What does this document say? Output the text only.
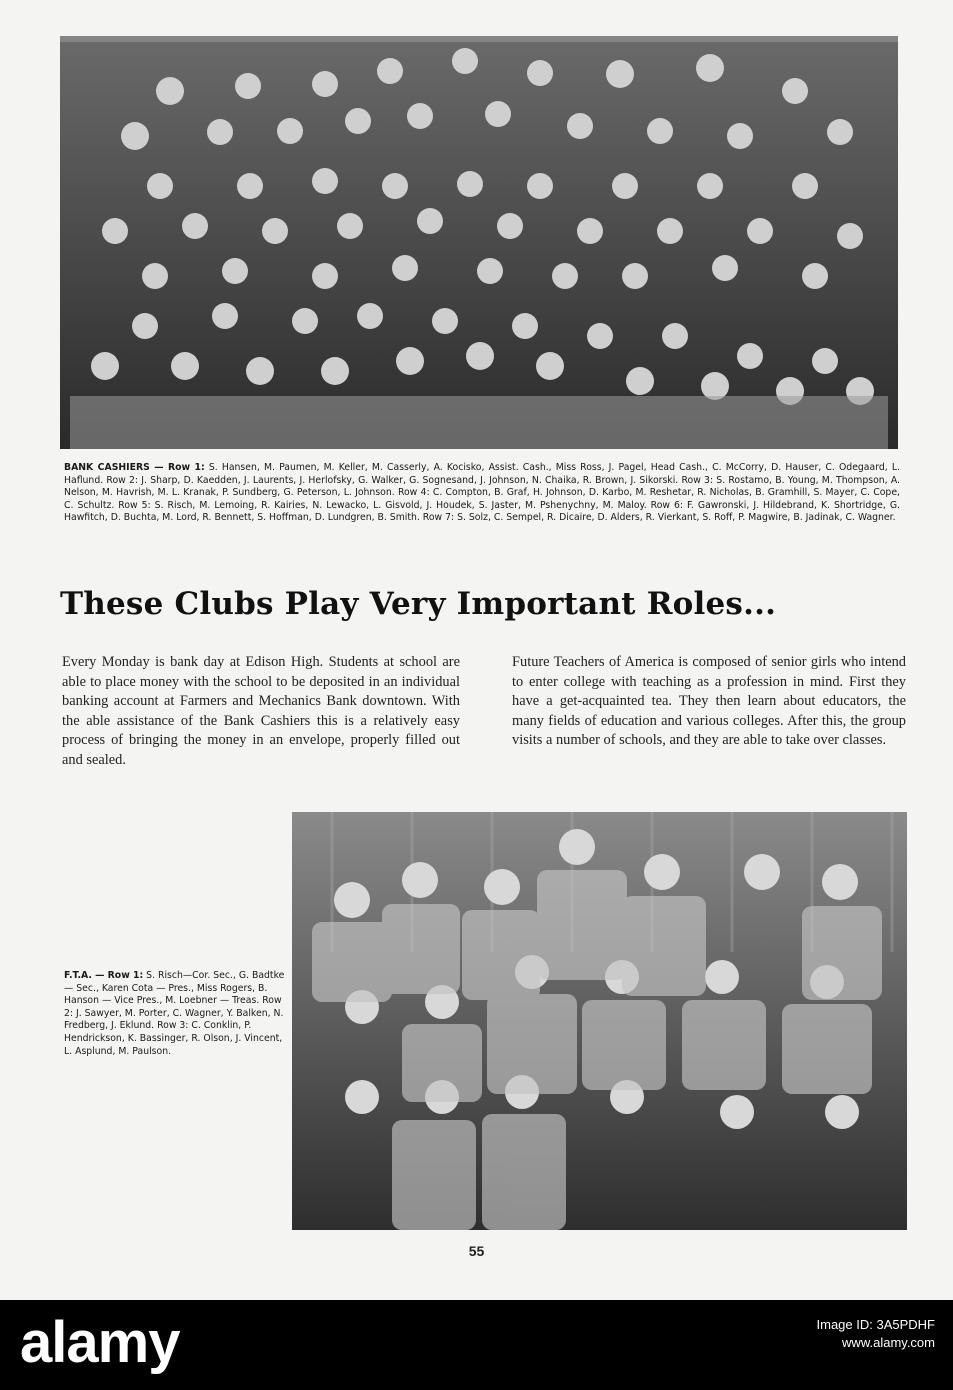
BANK CASHIERS — Row 1: S. Hansen, M. Paumen, M. Keller, M. Casserly, A. Kocisko, Assist. Cash., Miss Ross, J. Pagel, Head Cash., C. McCorry, D. Hauser, C. Odegaard, L. Haflund. Row 2: J. Sharp, D. Kaedden, J. Laurents, J. Herlofsky, G. Walker, G. Sognesand, J. Johnson, N. Chaika, R. Brown, J. Sikorski. Row 3: S. Rostamo, B. Young, M. Thompson, A. Nelson, M. Havrish, M. L. Kranak, P. Sundberg, G. Peterson, L. Johnson. Row 4: C. Compton, B. Graf, H. Johnson, D. Karbo, M. Reshetar, R. Nicholas, B. Gramhill, S. Mayer, C. Cope, C. Schultz. Row 5: S. Risch, M. Lemoing, R. Kairies, N. Lewacko, L. Gisvold, J. Houdek, S. Jaster, M. Pshenychny, M. Maloy. Row 6: F. Gawronski, J. Hildebrand, K. Shortridge, G. Hawfitch, D. Buchta, M. Lord, R. Bennett, S. Hoffman, D. Lundgren, B. Smith. Row 7: S. Solz, C. Sempel, R. Dicaire, D. Alders, R. Vierkant, S. Roff, P. Magwire, B. Jadinak, C. Wagner.
These Clubs Play Very Important Roles...
Every Monday is bank day at Edison High. Students at school are able to place money with the school to be deposited in an individual banking account at Farmers and Mechanics Bank downtown. With the able assistance of the Bank Cashiers this is a relatively easy process of bringing the money in an envelope, properly filled out and sealed.
Future Teachers of America is composed of senior girls who intend to enter college with teaching as a profession in mind. First they have a get-acquainted tea. They then learn about educators, the many fields of education and various colleges. After this, the group visits a number of schools, and they are able to take over classes.
F.T.A. — Row 1: S. Risch—Cor. Sec., G. Badtke — Sec., Karen Cota — Pres., Miss Rogers, B. Hanson — Vice Pres., M. Loebner — Treas. Row 2: J. Sawyer, M. Porter, C. Wagner, Y. Balken, N. Fredberg, J. Eklund. Row 3: C. Conklin, P. Hendrickson, K. Bassinger, R. Olson, J. Vincent, L. Asplund, M. Paulson.
55
alamy	Image ID: 3A5PDHF
www.alamy.com
